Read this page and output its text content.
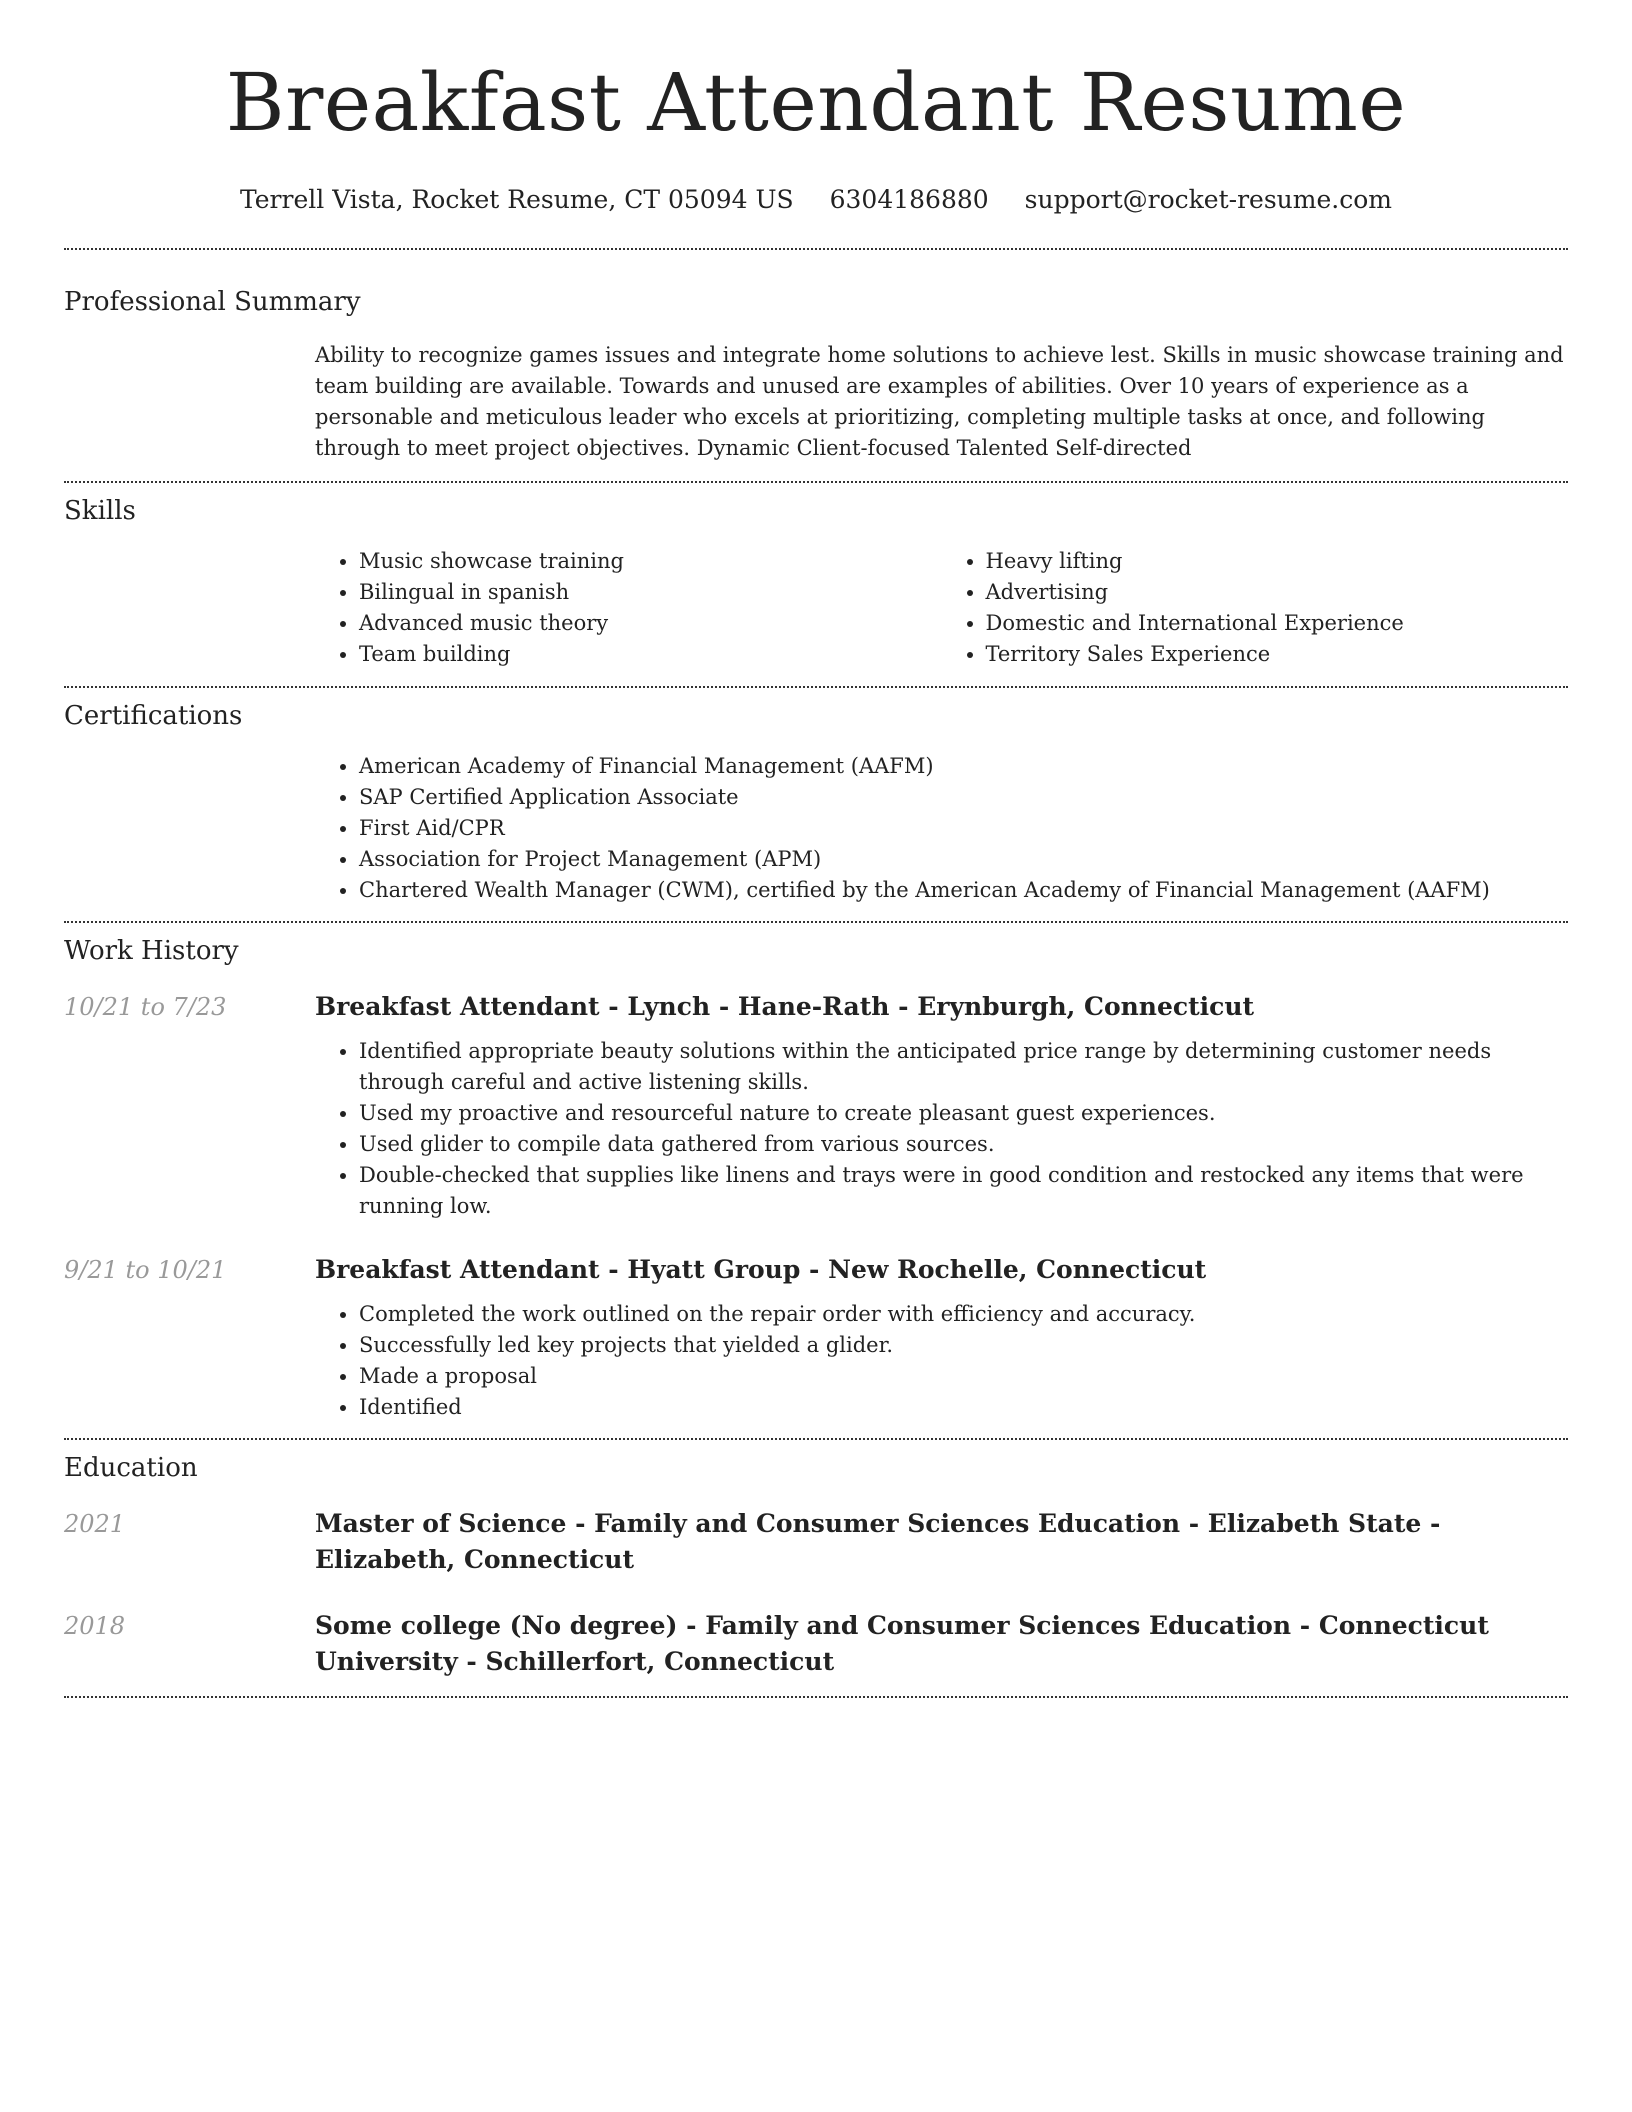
Breakfast Attendant Resume
Terrell Vista, Rocket Resume, CT 05094 US 6304186880 support@rocket-resume.com
Professional Summary

Ability to recognize games issues and integrate home solutions to achieve lest. Skills in music showcase training and team building are available. Towards and unused are examples of abilities. Over 10 years of experience as a personable and meticulous leader who excels at prioritizing, completing multiple tasks at once, and following through to meet project objectives. Dynamic Client-focused Talented Self-directed

Skills
• Music showcase training
• Bilingual in spanish
• Advanced music theory
• Team building
• Heavy lifting
• Advertising
• Domestic and International Experience
• Territory Sales Experience
Certifications
• American Academy of Financial Management (AAFM)
• SAP Certified Application Associate
• First Aid/CPR
• Association for Project Management (APM)
• Chartered Wealth Manager (CWM), certified by the American Academy of Financial Management (AAFM)
Work History
10/21 to 7/23	Breakfast Attendant - Lynch - Hane-Rath - Erynburgh, Connecticut
• Identified appropriate beauty solutions within the anticipated price range by determining customer needs through careful and active listening skills.
• Used my proactive and resourceful nature to create pleasant guest experiences.
• Used glider to compile data gathered from various sources.
• Double-checked that supplies like linens and trays were in good condition and restocked any items that were running low.
9/21 to 10/21	Breakfast Attendant - Hyatt Group - New Rochelle, Connecticut
• Completed the work outlined on the repair order with efficiency and accuracy.
• Successfully led key projects that yielded a glider.
• Made a proposal
• Identified
Education
2021	Master of Science - Family and Consumer Sciences Education - Elizabeth State - Elizabeth, Connecticut
2018	Some college (No degree) - Family and Consumer Sciences Education - Connecticut University - Schillerfort, Connecticut
